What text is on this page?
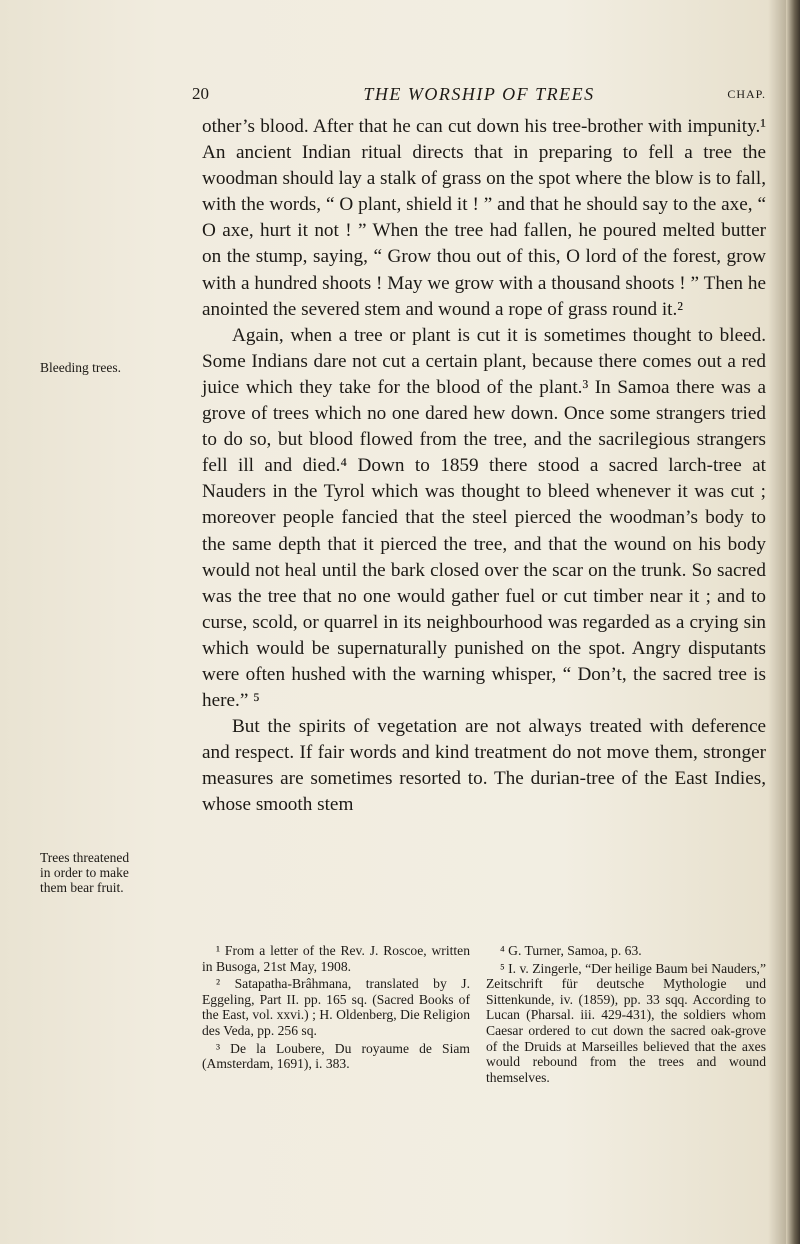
20	THE WORSHIP OF TREES	CHAP.
Bleeding trees.
Trees threatened in order to make them bear fruit.

other’s blood. After that he can cut down his tree-brother with impunity.¹ An ancient Indian ritual directs that in preparing to fell a tree the woodman should lay a stalk of grass on the spot where the blow is to fall, with the words, “ O plant, shield it ! ” and that he should say to the axe, “ O axe, hurt it not ! ” When the tree had fallen, he poured melted butter on the stump, saying, “ Grow thou out of this, O lord of the forest, grow with a hundred shoots ! May we grow with a thousand shoots ! ” Then he anointed the severed stem and wound a rope of grass round it.²

Again, when a tree or plant is cut it is sometimes thought to bleed. Some Indians dare not cut a certain plant, because there comes out a red juice which they take for the blood of the plant.³ In Samoa there was a grove of trees which no one dared hew down. Once some strangers tried to do so, but blood flowed from the tree, and the sacrilegious strangers fell ill and died.⁴ Down to 1859 there stood a sacred larch-tree at Nauders in the Tyrol which was thought to bleed whenever it was cut ; moreover people fancied that the steel pierced the woodman’s body to the same depth that it pierced the tree, and that the wound on his body would not heal until the bark closed over the scar on the trunk. So sacred was the tree that no one would gather fuel or cut timber near it ; and to curse, scold, or quarrel in its neighbourhood was regarded as a crying sin which would be supernaturally punished on the spot. Angry disputants were often hushed with the warning whisper, “ Don’t, the sacred tree is here.” ⁵

But the spirits of vegetation are not always treated with deference and respect. If fair words and kind treatment do not move them, stronger measures are sometimes resorted to. The durian-tree of the East Indies, whose smooth stem

¹ From a letter of the Rev. J. Roscoe, written in Busoga, 21st May, 1908.

² Satapatha-Brâhmana, translated by J. Eggeling, Part II. pp. 165 sq. (Sacred Books of the East, vol. xxvi.) ; H. Oldenberg, Die Religion des Veda, pp. 256 sq.

³ De la Loubere, Du royaume de Siam (Amsterdam, 1691), i. 383.

⁴ G. Turner, Samoa, p. 63.

⁵ I. v. Zingerle, “Der heilige Baum bei Nauders,” Zeitschrift für deutsche Mythologie und Sittenkunde, iv. (1859), pp. 33 sqq. According to Lucan (Pharsal. iii. 429-431), the soldiers whom Caesar ordered to cut down the sacred oak-grove of the Druids at Marseilles believed that the axes would rebound from the trees and wound themselves.
